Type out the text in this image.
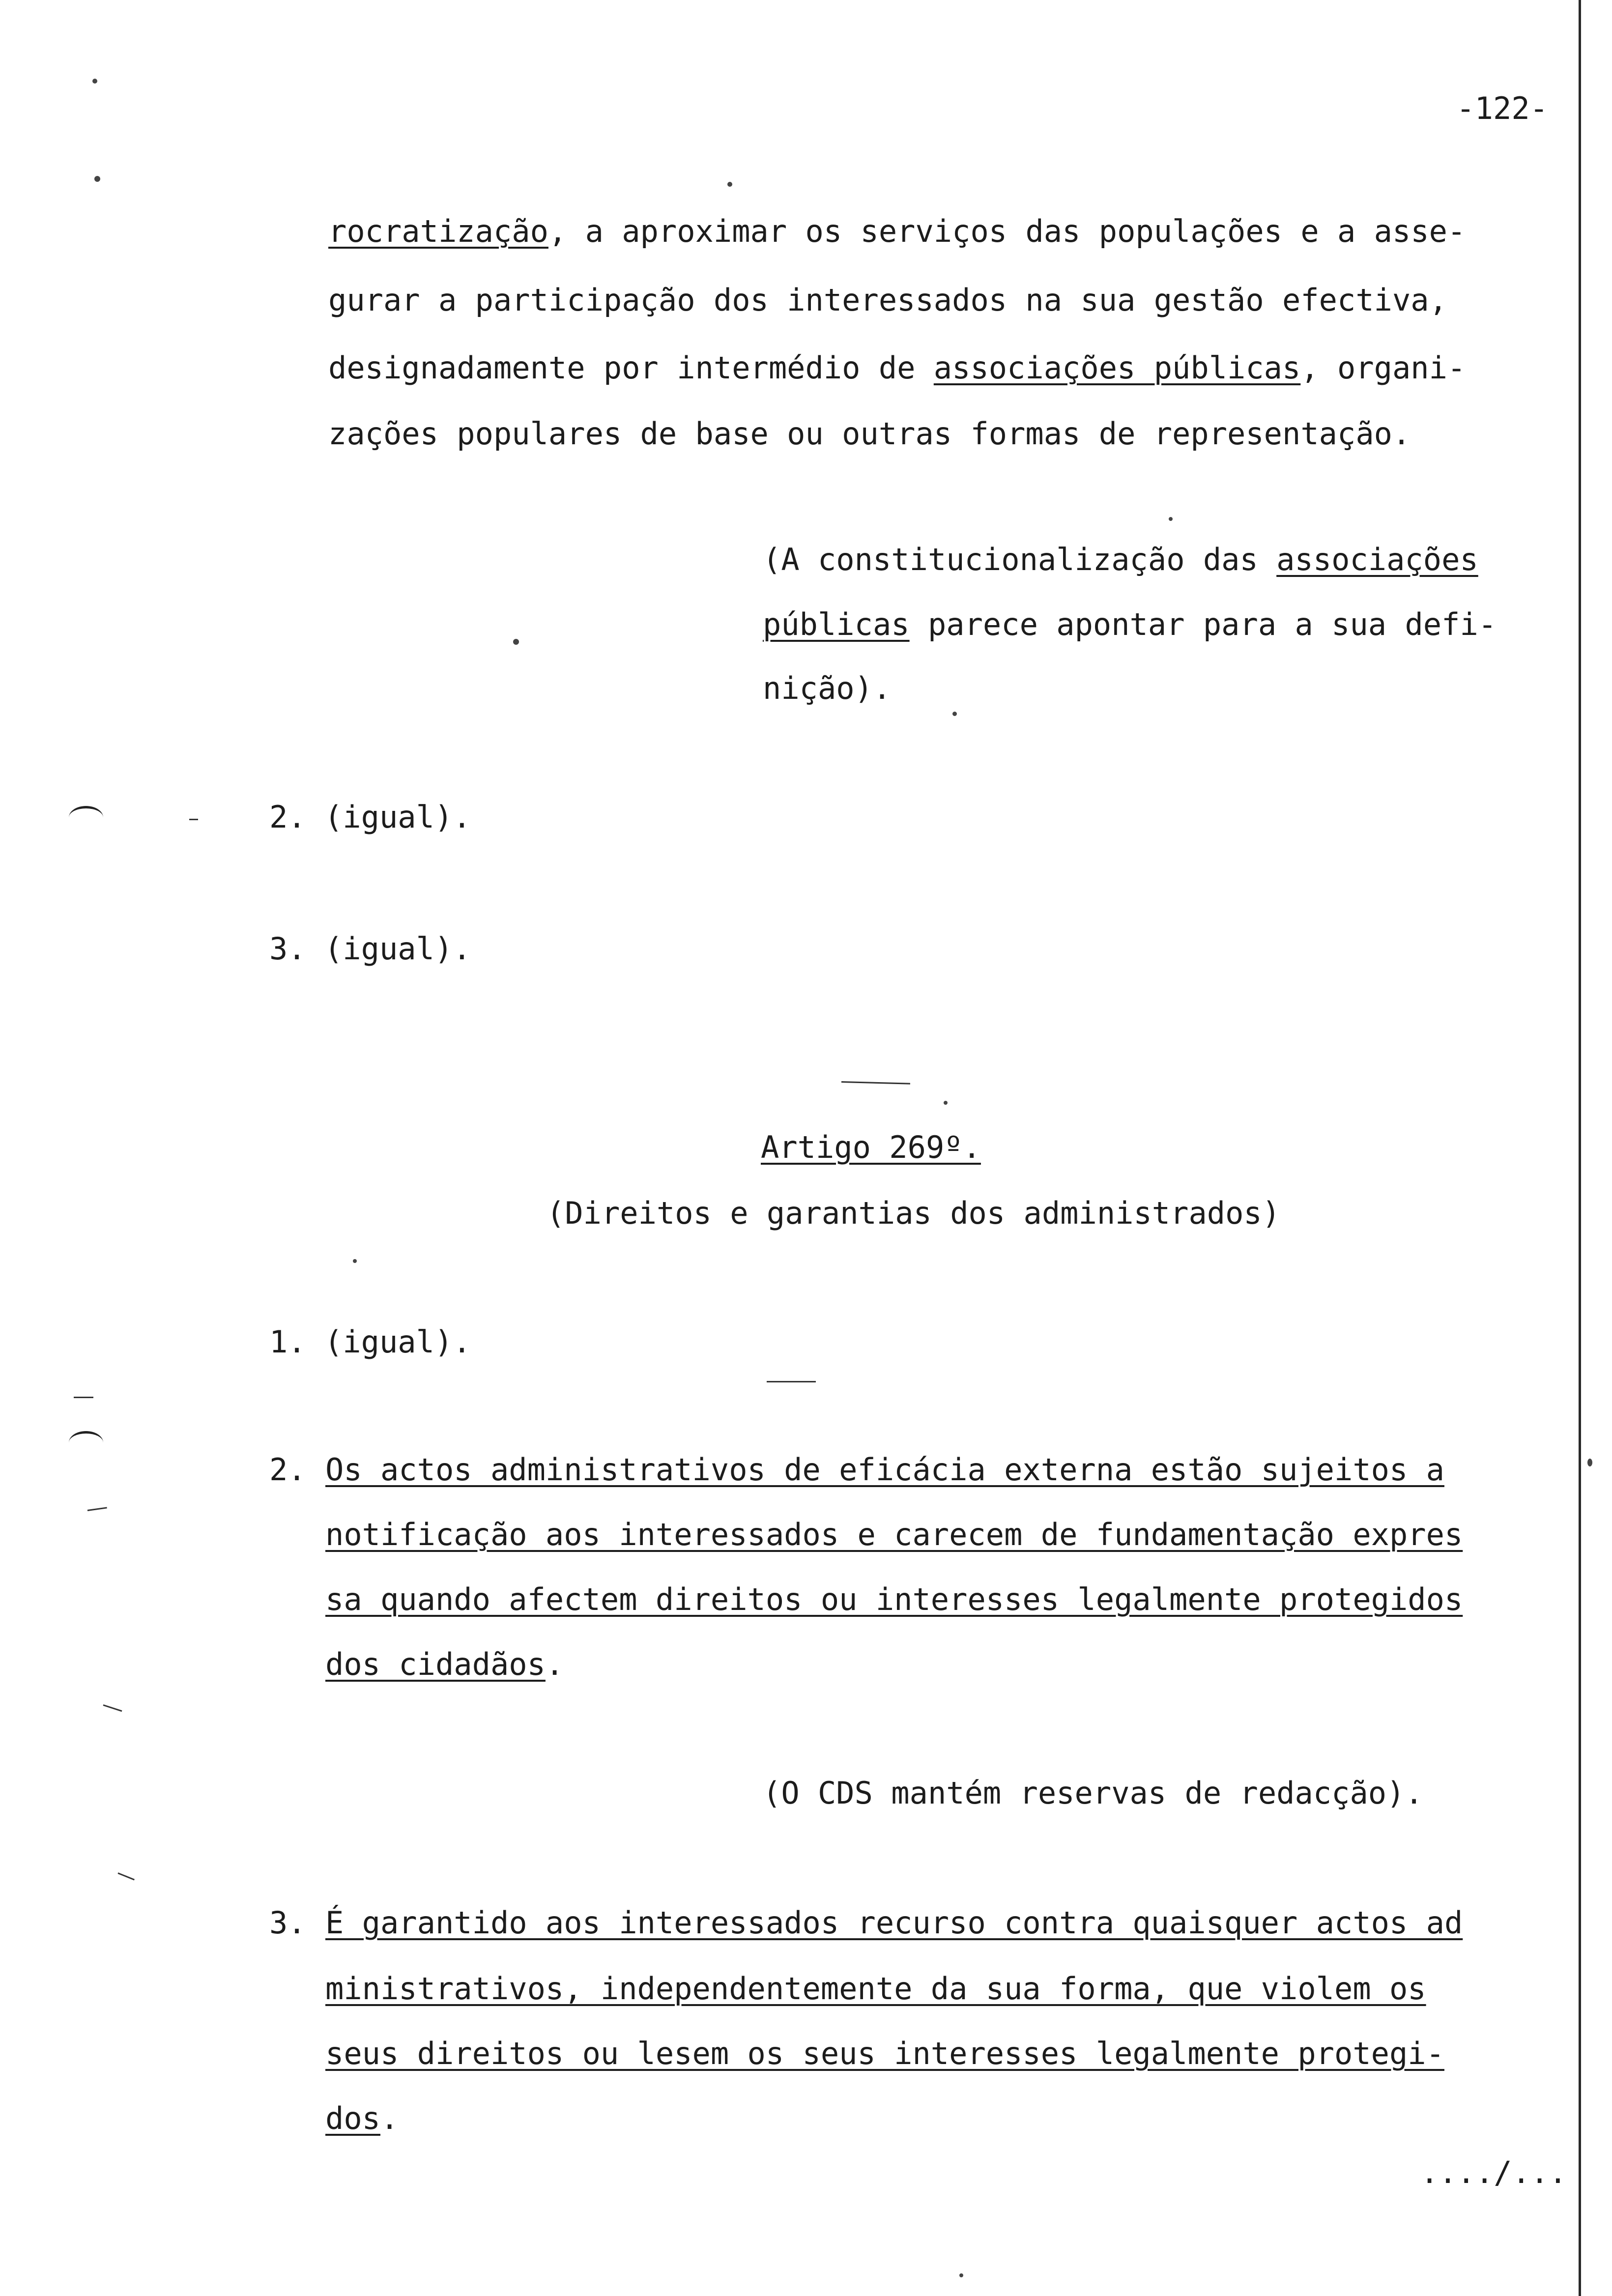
-122-
rocratização, a aproximar os serviços das populações e a asse-
gurar a participação dos interessados na sua gestão efectiva,
designadamente por intermédio de associações públicas, organi-
zações populares de base ou outras formas de representação.
(A constitucionalização das associações
públicas parece apontar para a sua defi-
nição).
2. (igual).
3. (igual).
Artigo 269º.
(Direitos e garantias dos administrados)
1. (igual).
2. Os actos administrativos de eficácia externa estão sujeitos a
notificação aos interessados e carecem de fundamentação expres
sa quando afectem direitos ou interesses legalmente protegidos
dos cidadãos.
(O CDS mantém reservas de redacção).
3. É garantido aos interessados recurso contra quaisquer actos ad
ministrativos, independentemente da sua forma, que violem os
seus direitos ou lesem os seus interesses legalmente protegi-
dos.
..../...
